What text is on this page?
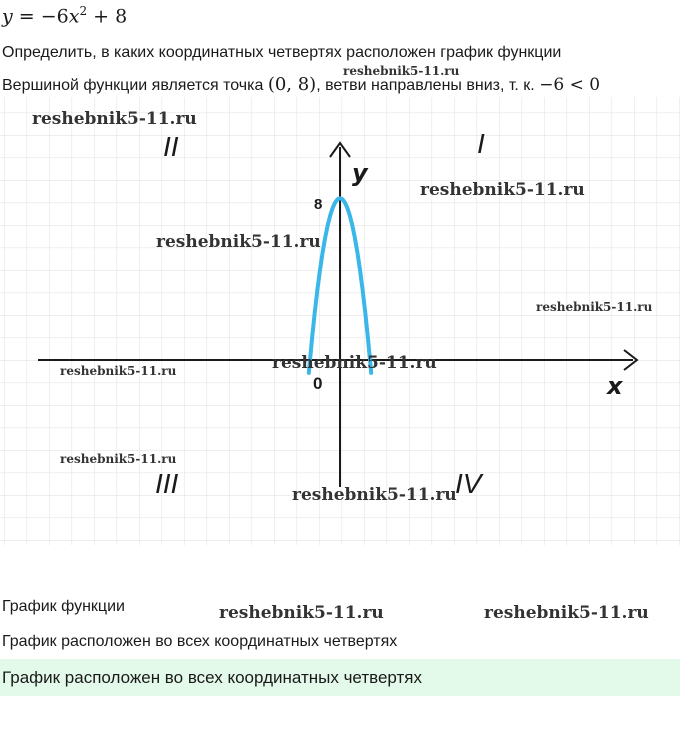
$y = -6x^2 + 8$
Определить, в каких координатных четвертях расположен график функции
Вершиной функции является точка (0, 8), ветви направлены вниз, т. к. −6 < 0
reshebnik5-11.ru
y
x
0
8
II	I
III	IV
reshebnik5-11.ru
reshebnik5-11.ru
reshebnik5-11.ru
reshebnik5-11.ru
reshebnik5-11.ru
reshebnik5-11.ru
reshebnik5-11.ru
reshebnik5-11.ru
График функции	reshebnik5-11.ru	reshebnik5-11.ru
График расположен во всех координатных четвертях
График расположен во всех координатных четвертях
